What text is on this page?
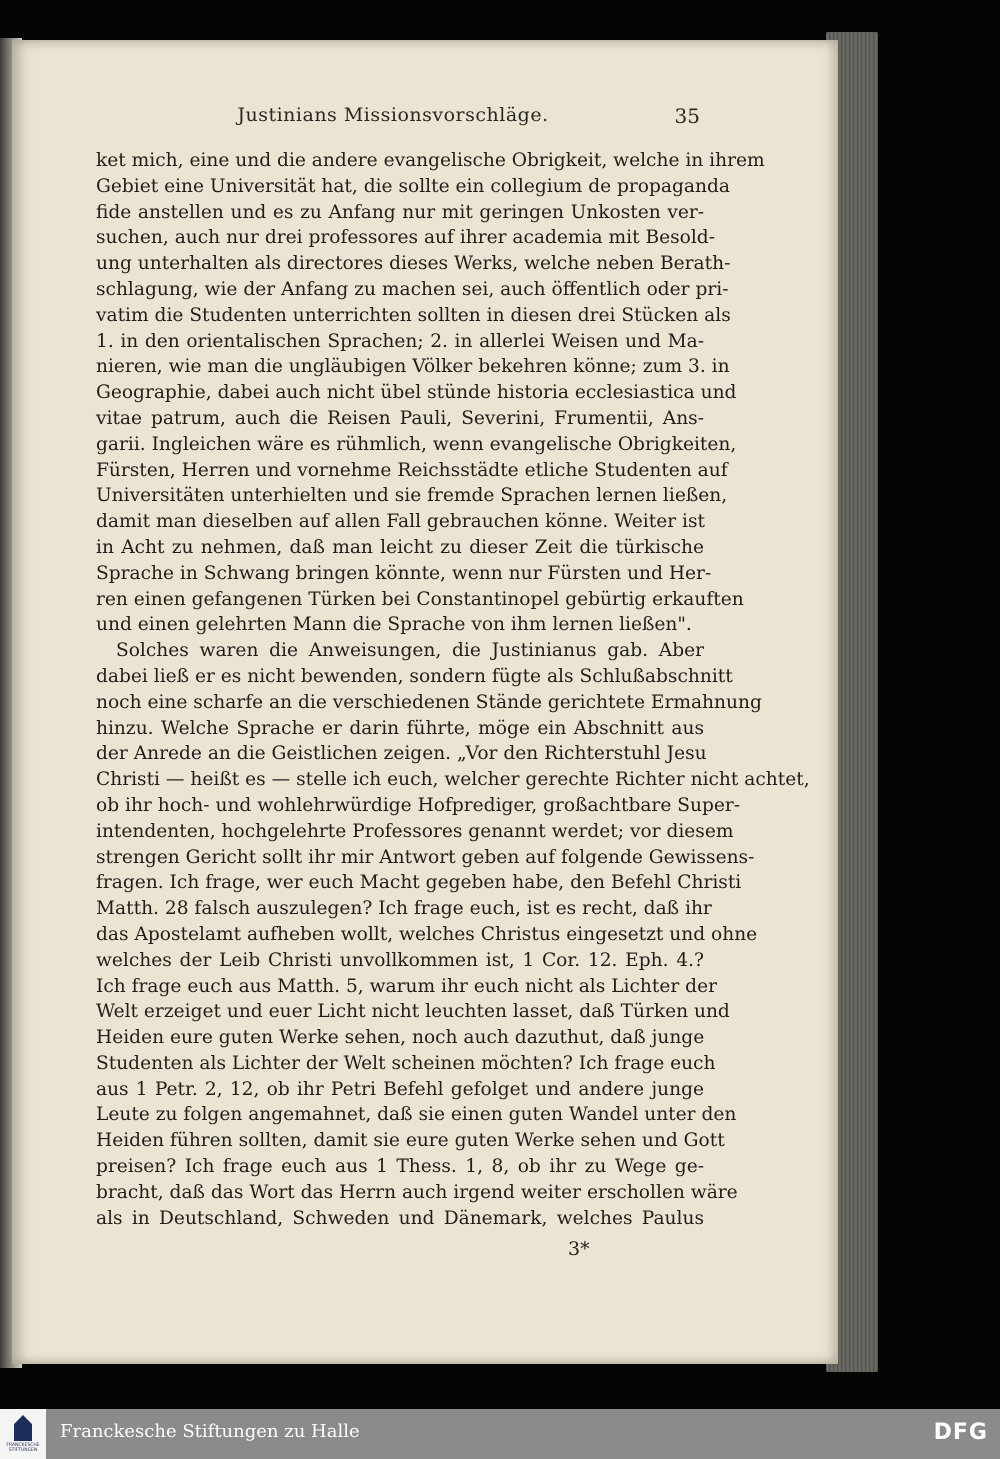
Justinians Missionsvorschläge.	35
ket mich, eine und die andere evangelische Obrigkeit, welche in ihrem
Gebiet eine Universität hat, die sollte ein collegium de propaganda
fide anstellen und es zu Anfang nur mit geringen Unkosten ver-
suchen, auch nur drei professores auf ihrer academia mit Besold-
ung unterhalten als directores dieses Werks, welche neben Berath-
schlagung, wie der Anfang zu machen sei, auch öffentlich oder pri-
vatim die Studenten unterrichten sollten in diesen drei Stücken als
1. in den orientalischen Sprachen; 2. in allerlei Weisen und Ma-
nieren, wie man die ungläubigen Völker bekehren könne; zum 3. in
Geographie, dabei auch nicht übel stünde historia ecclesiastica und
vitae patrum, auch die Reisen Pauli, Severini, Frumentii, Ans-
garii. Ingleichen wäre es rühmlich, wenn evangelische Obrigkeiten,
Fürsten, Herren und vornehme Reichsstädte etliche Studenten auf
Universitäten unterhielten und sie fremde Sprachen lernen ließen,
damit man dieselben auf allen Fall gebrauchen könne. Weiter ist
in Acht zu nehmen, daß man leicht zu dieser Zeit die türkische
Sprache in Schwang bringen könnte, wenn nur Fürsten und Her-
ren einen gefangenen Türken bei Constantinopel gebürtig erkauften
und einen gelehrten Mann die Sprache von ihm lernen ließen".
Solches waren die Anweisungen, die Justinianus gab. Aber
dabei ließ er es nicht bewenden, sondern fügte als Schlußabschnitt
noch eine scharfe an die verschiedenen Stände gerichtete Ermahnung
hinzu. Welche Sprache er darin führte, möge ein Abschnitt aus
der Anrede an die Geistlichen zeigen. „Vor den Richterstuhl Jesu
Christi — heißt es — stelle ich euch, welcher gerechte Richter nicht achtet,
ob ihr hoch- und wohlehrwürdige Hofprediger, großachtbare Super-
intendenten, hochgelehrte Professores genannt werdet; vor diesem
strengen Gericht sollt ihr mir Antwort geben auf folgende Gewissens-
fragen. Ich frage, wer euch Macht gegeben habe, den Befehl Christi
Matth. 28 falsch auszulegen? Ich frage euch, ist es recht, daß ihr
das Apostelamt aufheben wollt, welches Christus eingesetzt und ohne
welches der Leib Christi unvollkommen ist, 1 Cor. 12. Eph. 4.?
Ich frage euch aus Matth. 5, warum ihr euch nicht als Lichter der
Welt erzeiget und euer Licht nicht leuchten lasset, daß Türken und
Heiden eure guten Werke sehen, noch auch dazuthut, daß junge
Studenten als Lichter der Welt scheinen möchten? Ich frage euch
aus 1 Petr. 2, 12, ob ihr Petri Befehl gefolget und andere junge
Leute zu folgen angemahnet, daß sie einen guten Wandel unter den
Heiden führen sollten, damit sie eure guten Werke sehen und Gott
preisen? Ich frage euch aus 1 Thess. 1, 8, ob ihr zu Wege ge-
bracht, daß das Wort das Herrn auch irgend weiter erschollen wäre
als in Deutschland, Schweden und Dänemark, welches Paulus
3*
FRANCKESCHE STIFTUNGEN
Franckesche Stiftungen zu Halle	DFG
